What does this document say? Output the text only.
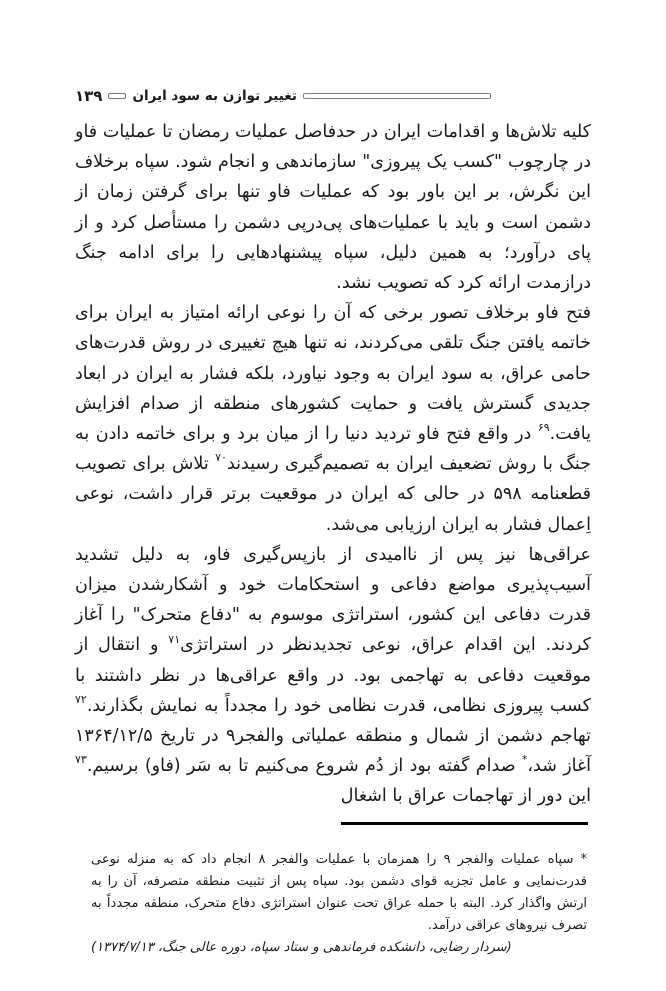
۱۳۹ تغییر توازن به سود ایران

کلیه تلاش‌ها و اقدامات ایران در حدفاصل عملیات رمضان تا عملیات فاو در چارچوب "کسب یک پیروزی" سازماندهی و انجام شود. سپاه برخلاف این نگرش، بر این باور بود که عملیات فاو تنها برای گرفتن زمان از دشمن است و باید با عملیات‌های پی‌درپی دشمن را مستأصل کرد و از پای درآورد؛ به همین دلیل، سپاه پیشنهادهایی را برای ادامه جنگ درازمدت ارائه کرد که تصویب نشد.

فتح فاو برخلاف تصور برخی که آن را نوعی ارائه امتیاز به ایران برای خاتمه یافتن جنگ تلقی می‌کردند، نه تنها هیچ تغییری در روش قدرت‌های حامی عراق، به سود ایران به وجود نیاورد، بلکه فشار به ایران در ابعاد جدیدی گسترش یافت و حمایت کشورهای منطقه از صدام افزایش یافت.$^{۶۹}$ در واقع فتح فاو تردید دنیا را از میان برد و برای خاتمه دادن به جنگ با روش تضعیف ایران به تصمیم‌گیری رسیدند$^{۷۰}$ تلاش برای تصویب قطعنامه ۵۹۸ در حالی که ایران در موقعیت برتر قرار داشت، نوعی اِعمال فشار به ایران ارزیابی می‌شد.

عراقی‌ها نیز پس از ناامیدی از بازپس‌گیری فاو، به دلیل تشدید آسیب‌پذیری مواضع دفاعی و استحکامات خود و آشکارشدن میزان قدرت دفاعی این کشور، استراتژی موسوم به "دفاع متحرک" را آغاز کردند. این اقدام عراق، نوعی تجدیدنظر در استراتژی$^{۷۱}$ و انتقال از موقعیت دفاعی به تهاجمی بود. در واقع عراقی‌ها در نظر داشتند با کسب پیروزی نظامی، قدرت نظامی خود را مجدداً به نمایش بگذارند.$^{۷۲}$ تهاجم دشمن از شمال و منطقه عملیاتی والفجر۹ در تاریخ ۱۳۶۴/۱۲/۵ آغاز شد،* صدام گفته بود از دُم شروع می‌کنیم تا به سَر (فاو) برسیم.$^{۷۳}$ این دور از تهاجمات عراق با اشغال

* سپاه عملیات والفجر ۹ را همزمان با عملیات والفجر ۸ انجام داد که به منزله نوعی قدرت‌نمایی و عامل تجزیه قوای دشمن بود. سپاه پس از تثبیت منطقه متصرفه، آن را به ارتش واگذار کرد. البته با حمله عراق تحت عنوان استراتژی دفاع متحرک، منطقه مجدداً به تصرف نیروهای عراقی درآمد.

(سردار رضایی، دانشکده فرماندهی و ستاد سپاه، دوره عالی جنگ، ۱۳۷۴/۷/۱۳)
